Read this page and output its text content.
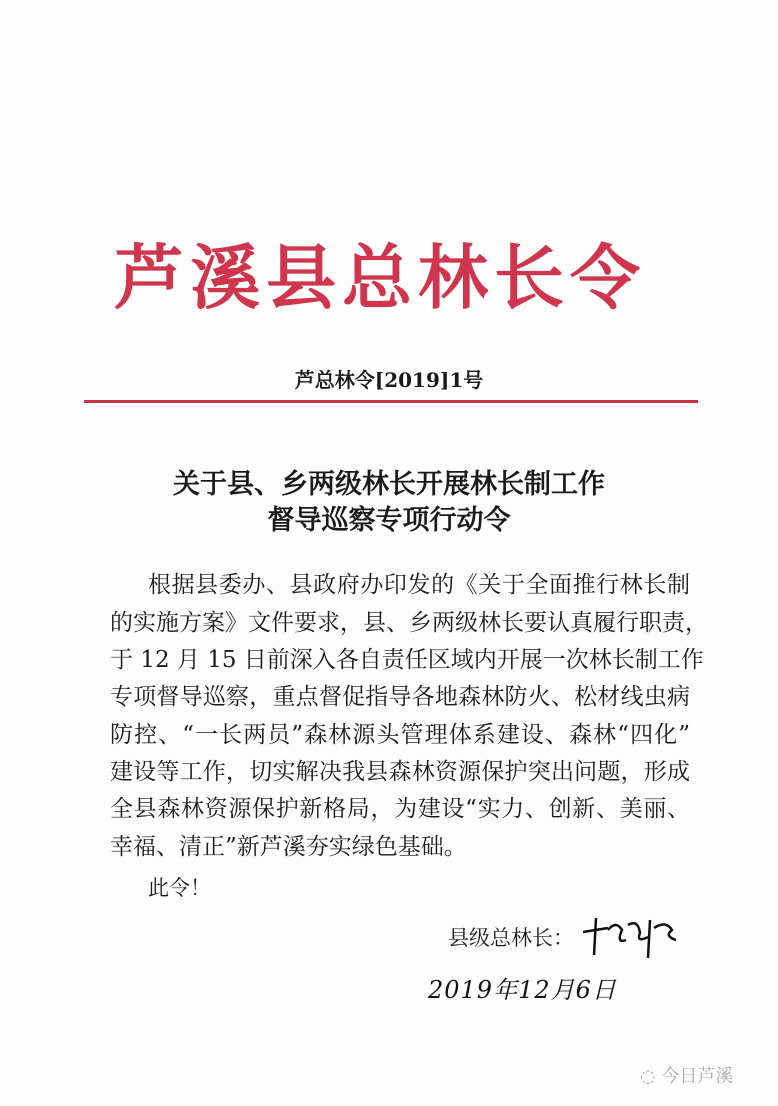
芦溪县总林长令
芦总林令[2019]1号
关于县、乡两级林长开展林长制工作
督导巡察专项行动令
根据县委办、县政府办印发的《关于全面推行林长制
的实施方案》文件要求，县、乡两级林长要认真履行职责，
于 12 月 15 日前深入各自责任区域内开展一次林长制工作
专项督导巡察，重点督促指导各地森林防火、松材线虫病
防控、“一长两员”森林源头管理体系建设、森林“四化”
建设等工作，切实解决我县森林资源保护突出问题，形成
全县森林资源保护新格局，为建设“实力、创新、美丽、
幸福、清正”新芦溪夯实绿色基础。
此令！
县级总林长：
2019年12月6日
◌ 今日芦溪
